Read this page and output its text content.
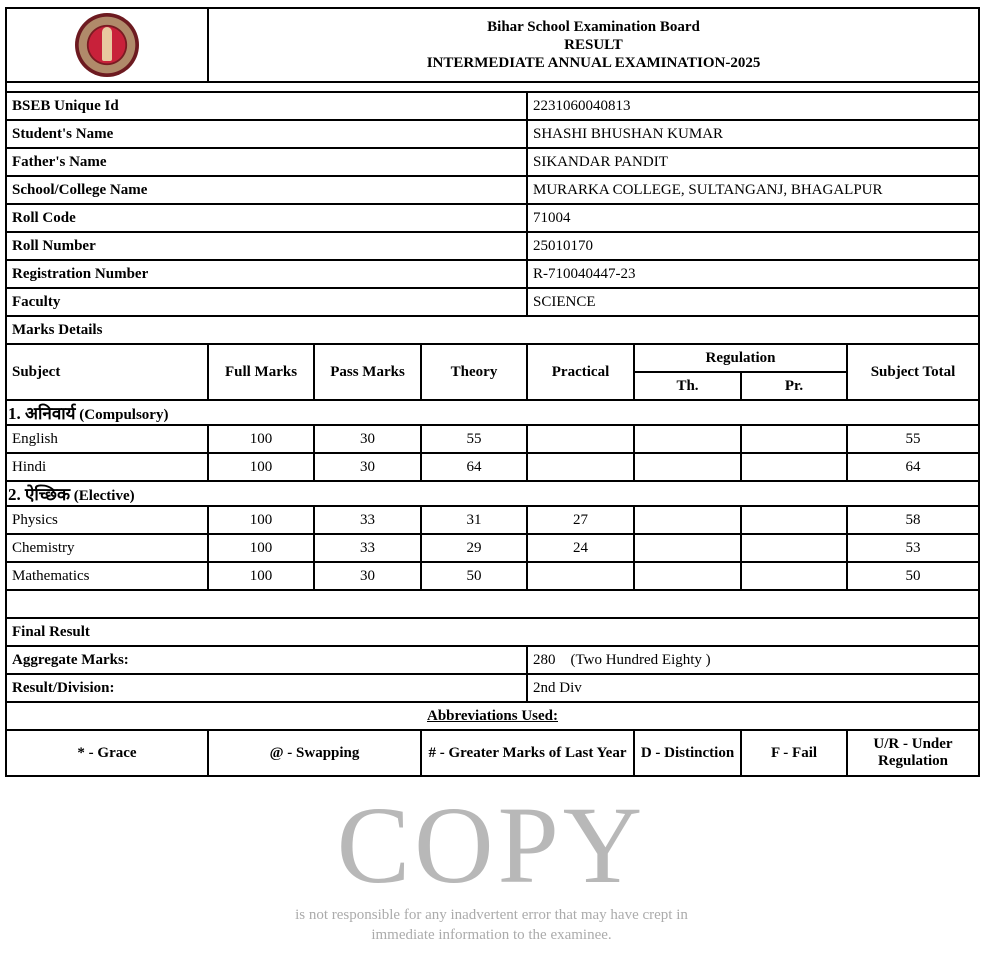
	Bihar School Examination Board
RESULT
INTERMEDIATE ANNUAL EXAMINATION-2025						

BSEB Unique Id				2231060040813			
Student's Name				SHASHI BHUSHAN KUMAR			
Father's Name				SIKANDAR PANDIT			
School/College Name				MURARKA COLLEGE, SULTANGANJ, BHAGALPUR			
Roll Code				71004			
Roll Number				25010170			
Registration Number				R-710040447-23			
Faculty				SCIENCE			
Marks Details							
Subject	Full Marks	Pass Marks	Theory	Practical	Regulation		Subject Total
					Th.	Pr.	
1. अनिवार्य (Compulsory)							
English	100	30	55				55
Hindi	100	30	64				64
2. ऐच्छिक (Elective)							
Physics	100	33	31	27			58
Chemistry	100	33	29	24			53
Mathematics	100	30	50				50

Final Result							
Aggregate Marks:				280 (Two Hundred Eighty )			
Result/Division:				2nd Div			
Abbreviations Used:							
* - Grace	@ - Swapping		# - Greater Marks of Last Year		D - Distinction	F - Fail	U/R - Under Regulation
COPY
is not responsible for any inadvertent error that may have crept in
immediate information to the examinee.
